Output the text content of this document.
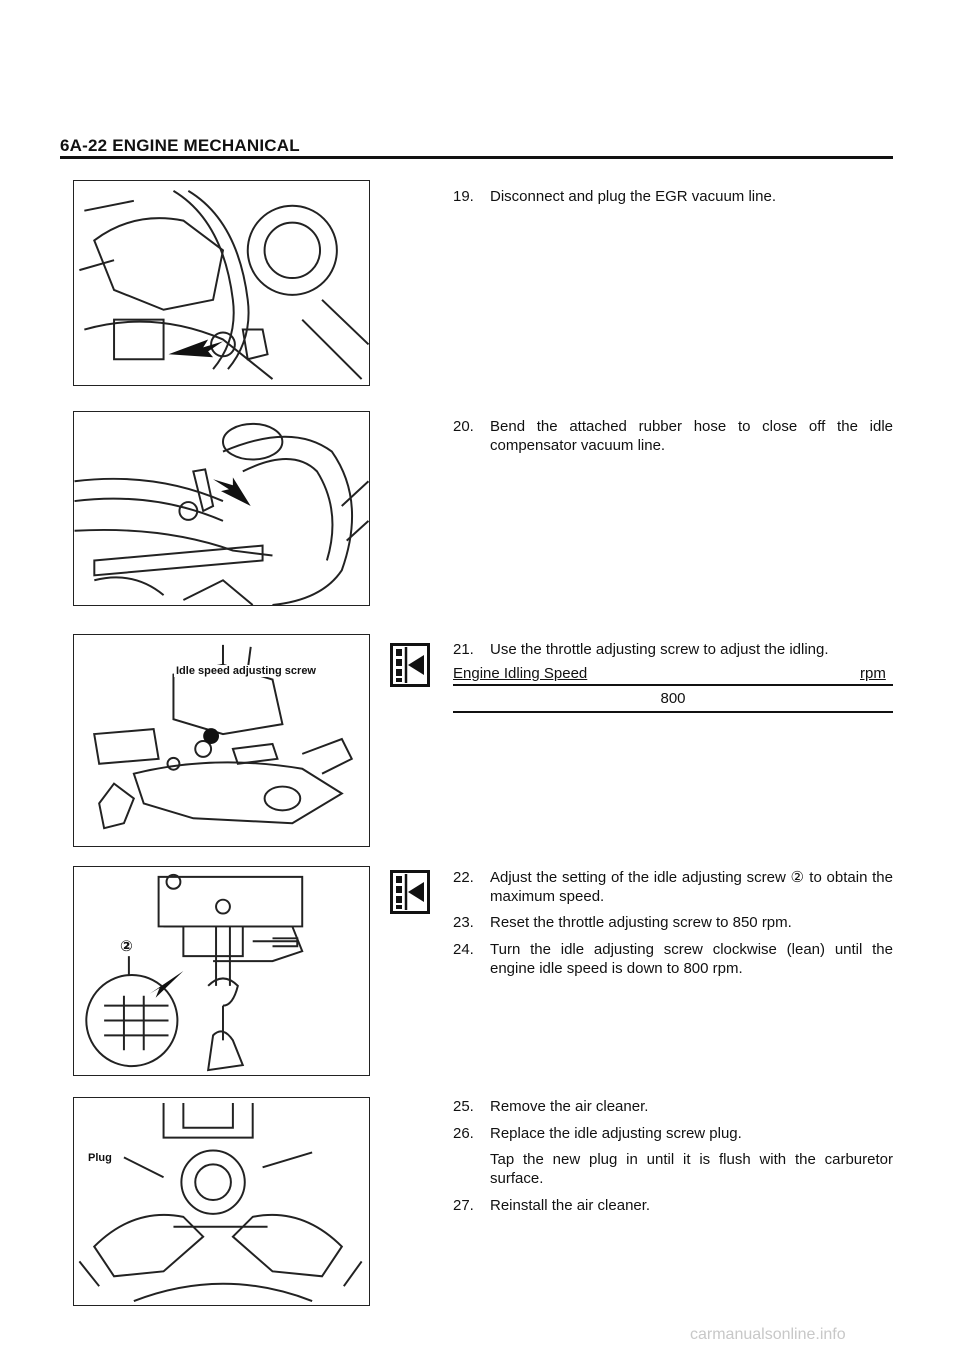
6A-22 ENGINE MECHANICAL
Idle speed adjusting screw
②
Plug
19. Disconnect and plug the EGR vacuum line.
20. Bend the attached rubber hose to close off the idle compensator vacuum line.
21. Use the throttle adjusting screw to adjust the idling.
Engine Idling Speed	rpm
800
22. Adjust the setting of the idle adjusting screw ② to obtain the maximum speed.
23. Reset the throttle adjusting screw to 850 rpm.
24. Turn the idle adjusting screw clockwise (lean) until the engine idle speed is down to 800 rpm.
25. Remove the air cleaner.
26. Replace the idle adjusting screw plug.
Tap the new plug in until it is flush with the carburetor surface.
27. Reinstall the air cleaner.
carmanualsonline.info
